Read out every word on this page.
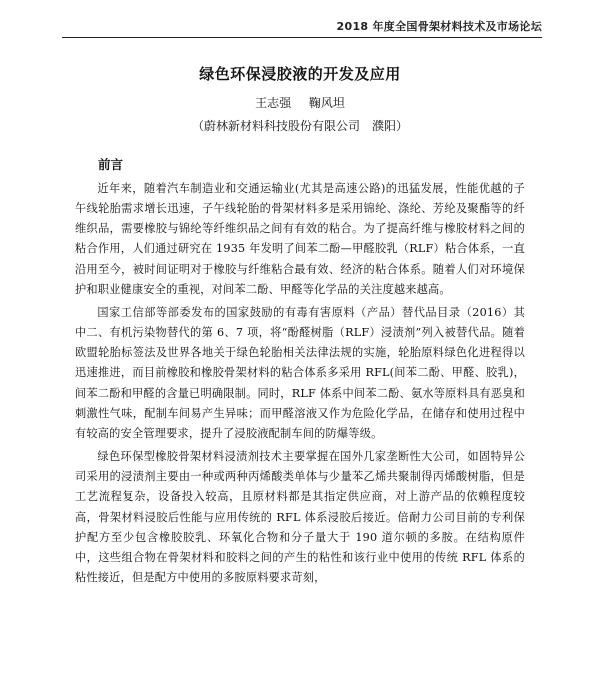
2018 年度全国骨架材料技术及市场论坛
绿色环保浸胶液的开发及应用
王志强 鞠风坦
（蔚林新材料科技股份有限公司　濮阳）
前言

近年来，随着汽车制造业和交通运输业(尤其是高速公路)的迅猛发展，性能优越的子午线轮胎需求增长迅速，子午线轮胎的骨架材料多是采用锦纶、涤纶、芳纶及聚酯等的纤维织品，需要橡胶与锦纶等纤维织品之间有有效的粘合。为了提高纤维与橡胶材料之间的粘合作用，人们通过研究在 1935 年发明了间苯二酚—甲醛胶乳（RLF）粘合体系，一直沿用至今，被时间证明对于橡胶与纤维粘合最有效、经济的粘合体系。随着人们对环境保护和职业健康安全的重视，对间苯二酚、甲醛等化学品的关注度越来越高。

国家工信部等部委发布的国家鼓励的有毒有害原料（产品）替代品目录（2016）其中二、有机污染物替代的第 6、7 项，将“酚醛树脂（RLF）浸渍剂”列入被替代品。随着欧盟轮胎标签法及世界各地关于绿色轮胎相关法律法规的实施，轮胎原料绿色化进程得以迅速推进，而目前橡胶和橡胶骨架材料的粘合体系多采用 RFL(间苯二酚、甲醛、胶乳)，间苯二酚和甲醛的含量已明确限制。同时，RLF 体系中间苯二酚、氨水等原料具有恶臭和刺激性气味，配制车间易产生异味；而甲醛溶液又作为危险化学品，在储存和使用过程中有较高的安全管理要求，提升了浸胶液配制车间的防爆等级。

绿色环保型橡胶骨架材料浸渍剂技术主要掌握在国外几家垄断性大公司，如固特异公司采用的浸渍剂主要由一种或两种丙烯酸类单体与少量苯乙烯共聚制得丙烯酸树脂，但是工艺流程复杂，设备投入较高，且原材料都是其指定供应商，对上游产品的依赖程度较高，骨架材料浸胶后性能与应用传统的 RFL 体系浸胶后接近。倍耐力公司目前的专利保护配方至少包含橡胶胶乳、环氧化合物和分子量大于 190 道尔顿的多胺。在结构原件中，这些组合物在骨架材料和胶料之间的产生的粘性和该行业中使用的传统 RFL 体系的粘性接近，但是配方中使用的多胺原料要求苛刻，
